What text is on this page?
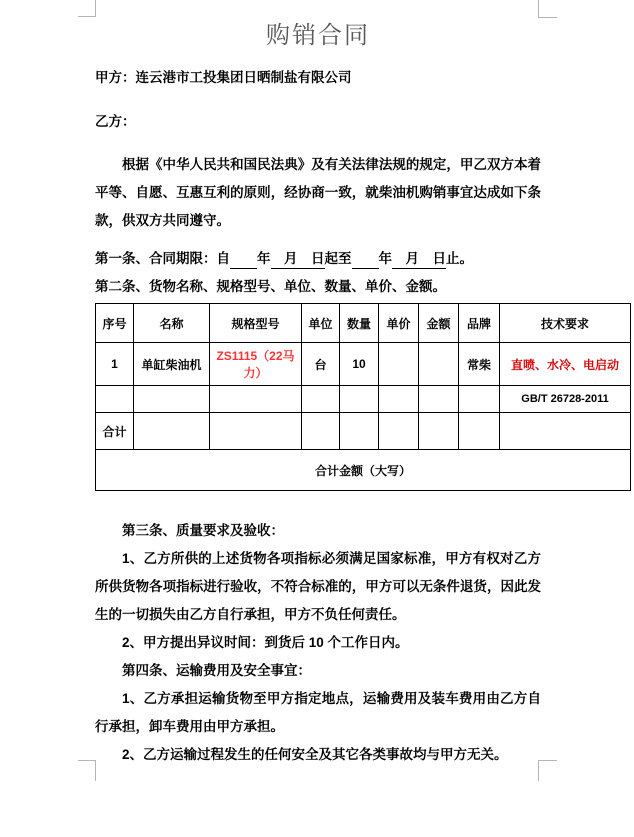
购销合同

甲方：连云港市工投集团日晒制盐有限公司

乙方：

根据《中华人民共和国民法典》及有关法律法规的规定，甲乙双方本着平等、自愿、互惠互利的原则，经协商一致，就柴油机购销事宜达成如下条款，供双方共同遵守。

第一条、合同期限：自　　 年　月　日起至　　 年　月　日止。

第二条、货物名称、规格型号、单位、数量、单价、金额。

序号	名称	规格型号	单位	数量	单价	金额	品牌	技术要求
1	单缸柴油机	ZS1115（22马力）	台	10			常柴	直喷、水冷、电启动
								GB/T 26728-2011
合计								
合计金额（大写）								

第三条、质量要求及验收：

1、乙方所供的上述货物各项指标必须满足国家标准，甲方有权对乙方所供货物各项指标进行验收，不符合标准的，甲方可以无条件退货，因此发生的一切损失由乙方自行承担，甲方不负任何责任。

2、甲方提出异议时间：到货后 10 个工作日内。

第四条、运输费用及安全事宜：

1、乙方承担运输货物至甲方指定地点，运输费用及装车费用由乙方自行承担，卸车费用由甲方承担。

2、乙方运输过程发生的任何安全及其它各类事故均与甲方无关。
